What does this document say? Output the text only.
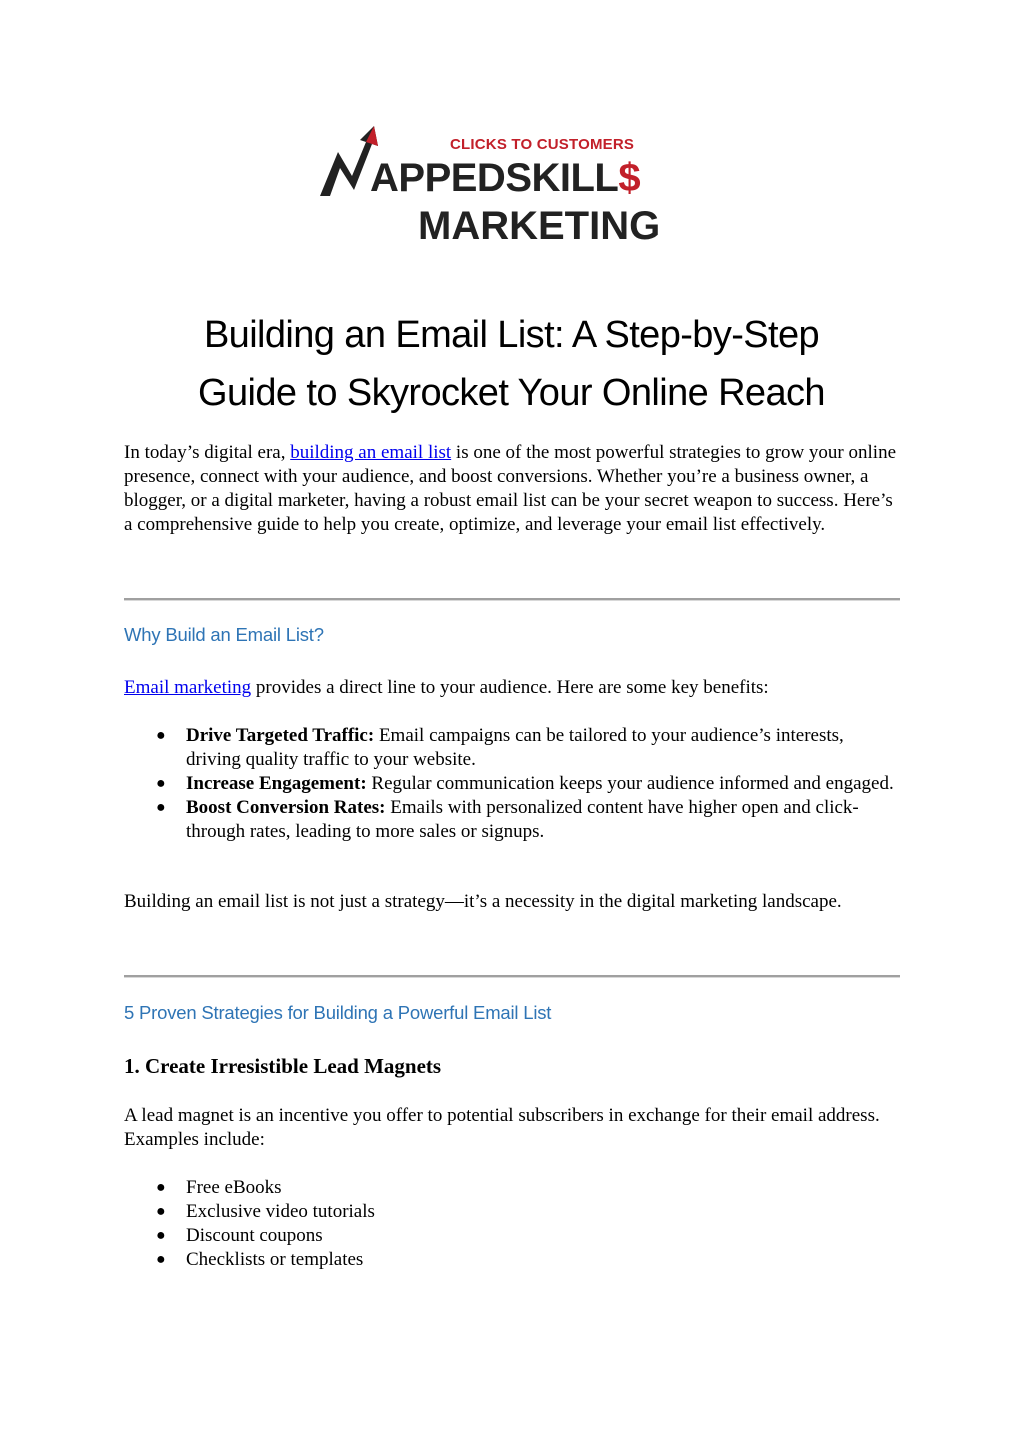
CLICKS TO CUSTOMERS
APPEDSKILL$
MARKETING
Building an Email List: A Step-by-Step
Guide to Skyrocket Your Online Reach
In today’s digital era, building an email list is one of the most powerful strategies to grow your online presence, connect with your audience, and boost conversions. Whether you’re a business owner, a blogger, or a digital marketer, having a robust email list can be your secret weapon to success. Here’s a comprehensive guide to help you create, optimize, and leverage your email list effectively.
Why Build an Email List?
Email marketing provides a direct line to your audience. Here are some key benefits:
● Drive Targeted Traffic: Email campaigns can be tailored to your audience’s interests, driving quality traffic to your website.
● Increase Engagement: Regular communication keeps your audience informed and engaged.
● Boost Conversion Rates: Emails with personalized content have higher open and click-through rates, leading to more sales or signups.
Building an email list is not just a strategy—it’s a necessity in the digital marketing landscape.
5 Proven Strategies for Building a Powerful Email List
1. Create Irresistible Lead Magnets
A lead magnet is an incentive you offer to potential subscribers in exchange for their email address. Examples include:
● Free eBooks
● Exclusive video tutorials
● Discount coupons
● Checklists or templates
